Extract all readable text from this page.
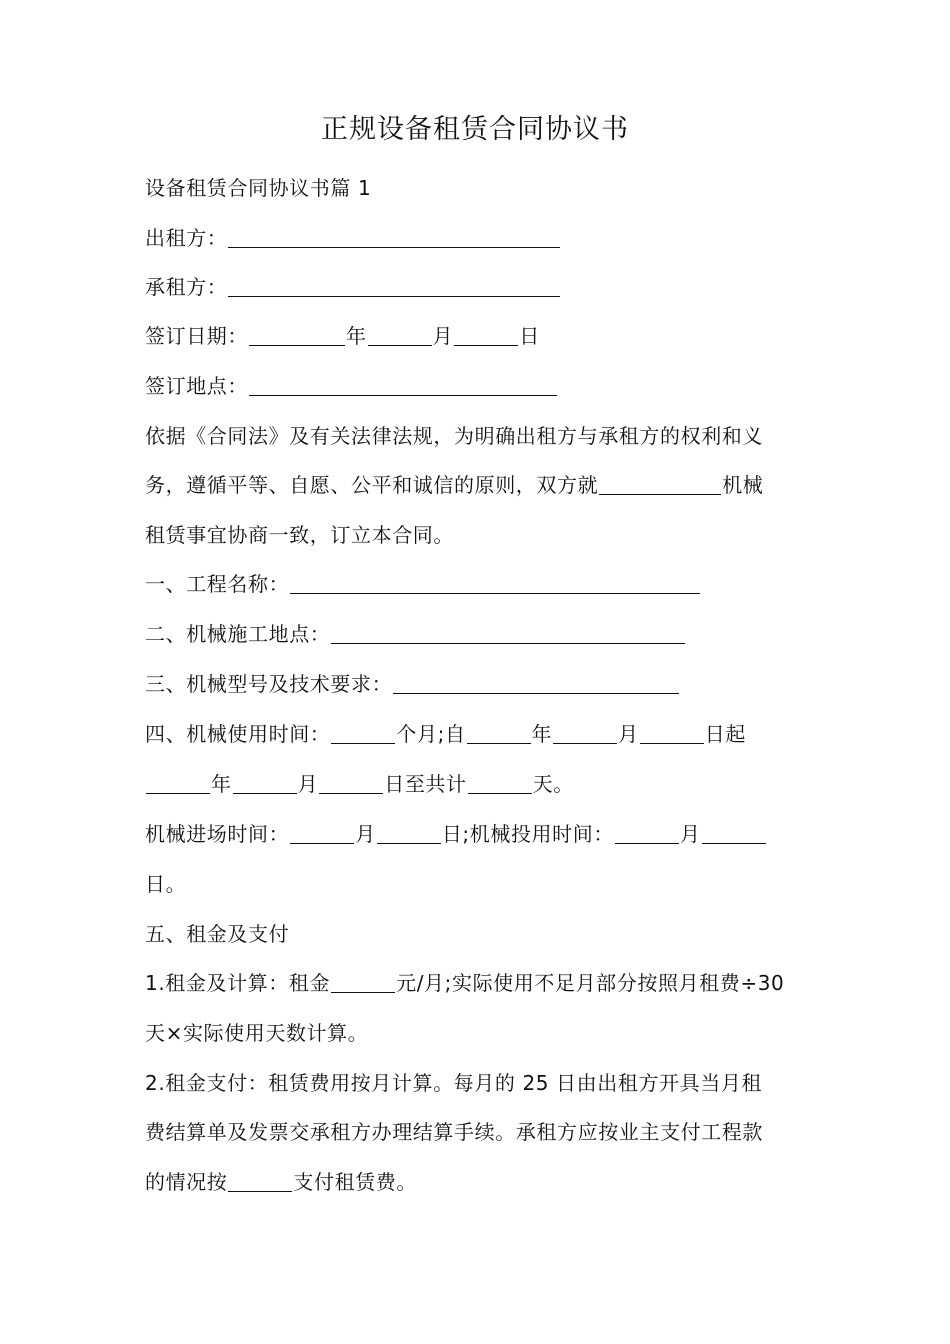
正规设备租赁合同协议书
设备租赁合同协议书篇 1
出租方：
承租方：
签订日期：	年	月	日
签订地点：
依据《合同法》及有关法律法规，为明确出租方与承租方的权利和义
务，遵循平等、自愿、公平和诚信的原则，双方就	机械
租赁事宜协商一致，订立本合同。
一、工程名称：
二、机械施工地点：
三、机械型号及技术要求：
四、机械使用时间：	个月;自	年	月	日起
年	月	日至共计	天。
机械进场时间：	月	日;机械投用时间：	月
日。
五、租金及支付
1.租金及计算：租金	元/月;实际使用不足月部分按照月租费÷30
天×实际使用天数计算。
2.租金支付：租赁费用按月计算。每月的 25 日由出租方开具当月租
费结算单及发票交承租方办理结算手续。承租方应按业主支付工程款
的情况按	支付租赁费。
